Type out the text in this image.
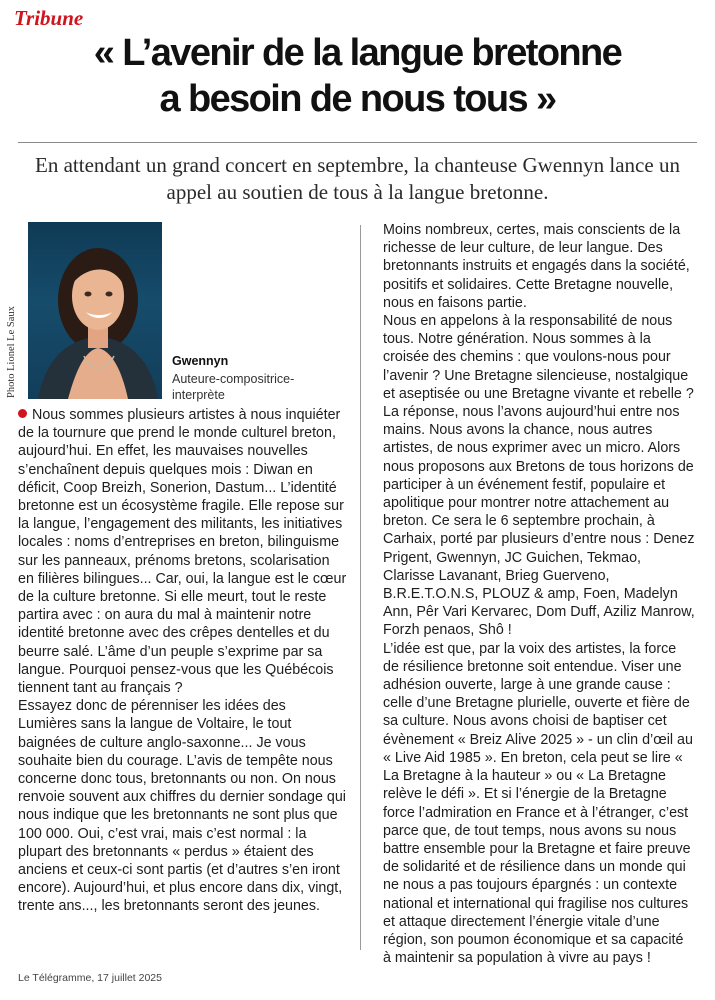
Tribune
« L’avenir de la langue bretonne
a besoin de nous tous »
En attendant un grand concert en septembre, la chanteuse Gwennyn lance un appel au soutien de tous à la langue bretonne.
Photo Lionel Le Saux	Gwennyn
Auteure-compositrice-interprète

Nous sommes plusieurs artistes à nous inquiéter de la tournure que prend le monde culturel breton, aujourd’hui. En effet, les mauvaises nouvelles s’enchaînent depuis quelques mois : Diwan en déficit, Coop Breizh, Sonerion, Dastum... L’identité bretonne est un écosystème fragile. Elle repose sur la langue, l’engagement des militants, les initiatives locales : noms d’entreprises en breton, bilinguisme sur les panneaux, prénoms bretons, scolarisation en filières bilingues... Car, oui, la langue est le cœur de la culture bretonne. Si elle meurt, tout le reste partira avec : on aura du mal à maintenir notre identité bretonne avec des crêpes dentelles et du beurre salé. L’âme d’un peuple s’exprime par sa langue. Pourquoi pensez-vous que les Québécois tiennent tant au français ?

Essayez donc de pérenniser les idées des Lumières sans la langue de Voltaire, le tout baignées de culture anglo-saxonne... Je vous souhaite bien du courage. L’avis de tempête nous concerne donc tous, bretonnants ou non. On nous renvoie souvent aux chiffres du dernier sondage qui nous indique que les bretonnants ne sont plus que 100 000. Oui, c’est vrai, mais c’est normal : la plupart des bretonnants « perdus » étaient des anciens et ceux-ci sont partis (et d’autres s’en iront encore). Aujourd’hui, et plus encore dans dix, vingt, trente ans..., les bretonnants seront des jeunes.

Moins nombreux, certes, mais conscients de la richesse de leur culture, de leur langue. Des bretonnants instruits et engagés dans la société, positifs et solidaires. Cette Bretagne nouvelle, nous en faisons partie.

Nous en appelons à la responsabilité de nous tous. Notre génération. Nous sommes à la croisée des chemins : que voulons-nous pour l’avenir ? Une Bretagne silencieuse, nostalgique et aseptisée ou une Bretagne vivante et rebelle ? La réponse, nous l’avons aujourd’hui entre nos mains. Nous avons la chance, nous autres artistes, de nous exprimer avec un micro. Alors nous proposons aux Bretons de tous horizons de participer à un événement festif, populaire et apolitique pour montrer notre attachement au breton. Ce sera le 6 septembre prochain, à Carhaix, porté par plusieurs d’entre nous : Denez Prigent, Gwennyn, JC Guichen, Tekmao, Clarisse Lavanant, Brieg Guerveno, B.R.E.T.O.N.S, PLOUZ & amp, Foen, Madelyn Ann, Pêr Vari Kervarec, Dom Duff, Aziliz Manrow, Forzh penaos, Shô !

L’idée est que, par la voix des artistes, la force de résilience bretonne soit entendue. Viser une adhésion ouverte, large à une grande cause : celle d’une Bretagne plurielle, ouverte et fière de sa culture. Nous avons choisi de baptiser cet évènement « Breiz Alive 2025 » - un clin d’œil au « Live Aid 1985 ». En breton, cela peut se lire « La Bretagne à la hauteur » ou « La Bretagne relève le défi ». Et si l’énergie de la Bretagne force l’admiration en France et à l’étranger, c’est parce que, de tout temps, nous avons su nous battre ensemble pour la Bretagne et faire preuve de solidarité et de résilience dans un monde qui ne nous a pas toujours épargnés : un contexte national et international qui fragilise nos cultures et attaque directement l’énergie vitale d’une région, son poumon économique et sa capacité à maintenir sa population à vivre au pays !

Le Télégramme, 17 juillet 2025
